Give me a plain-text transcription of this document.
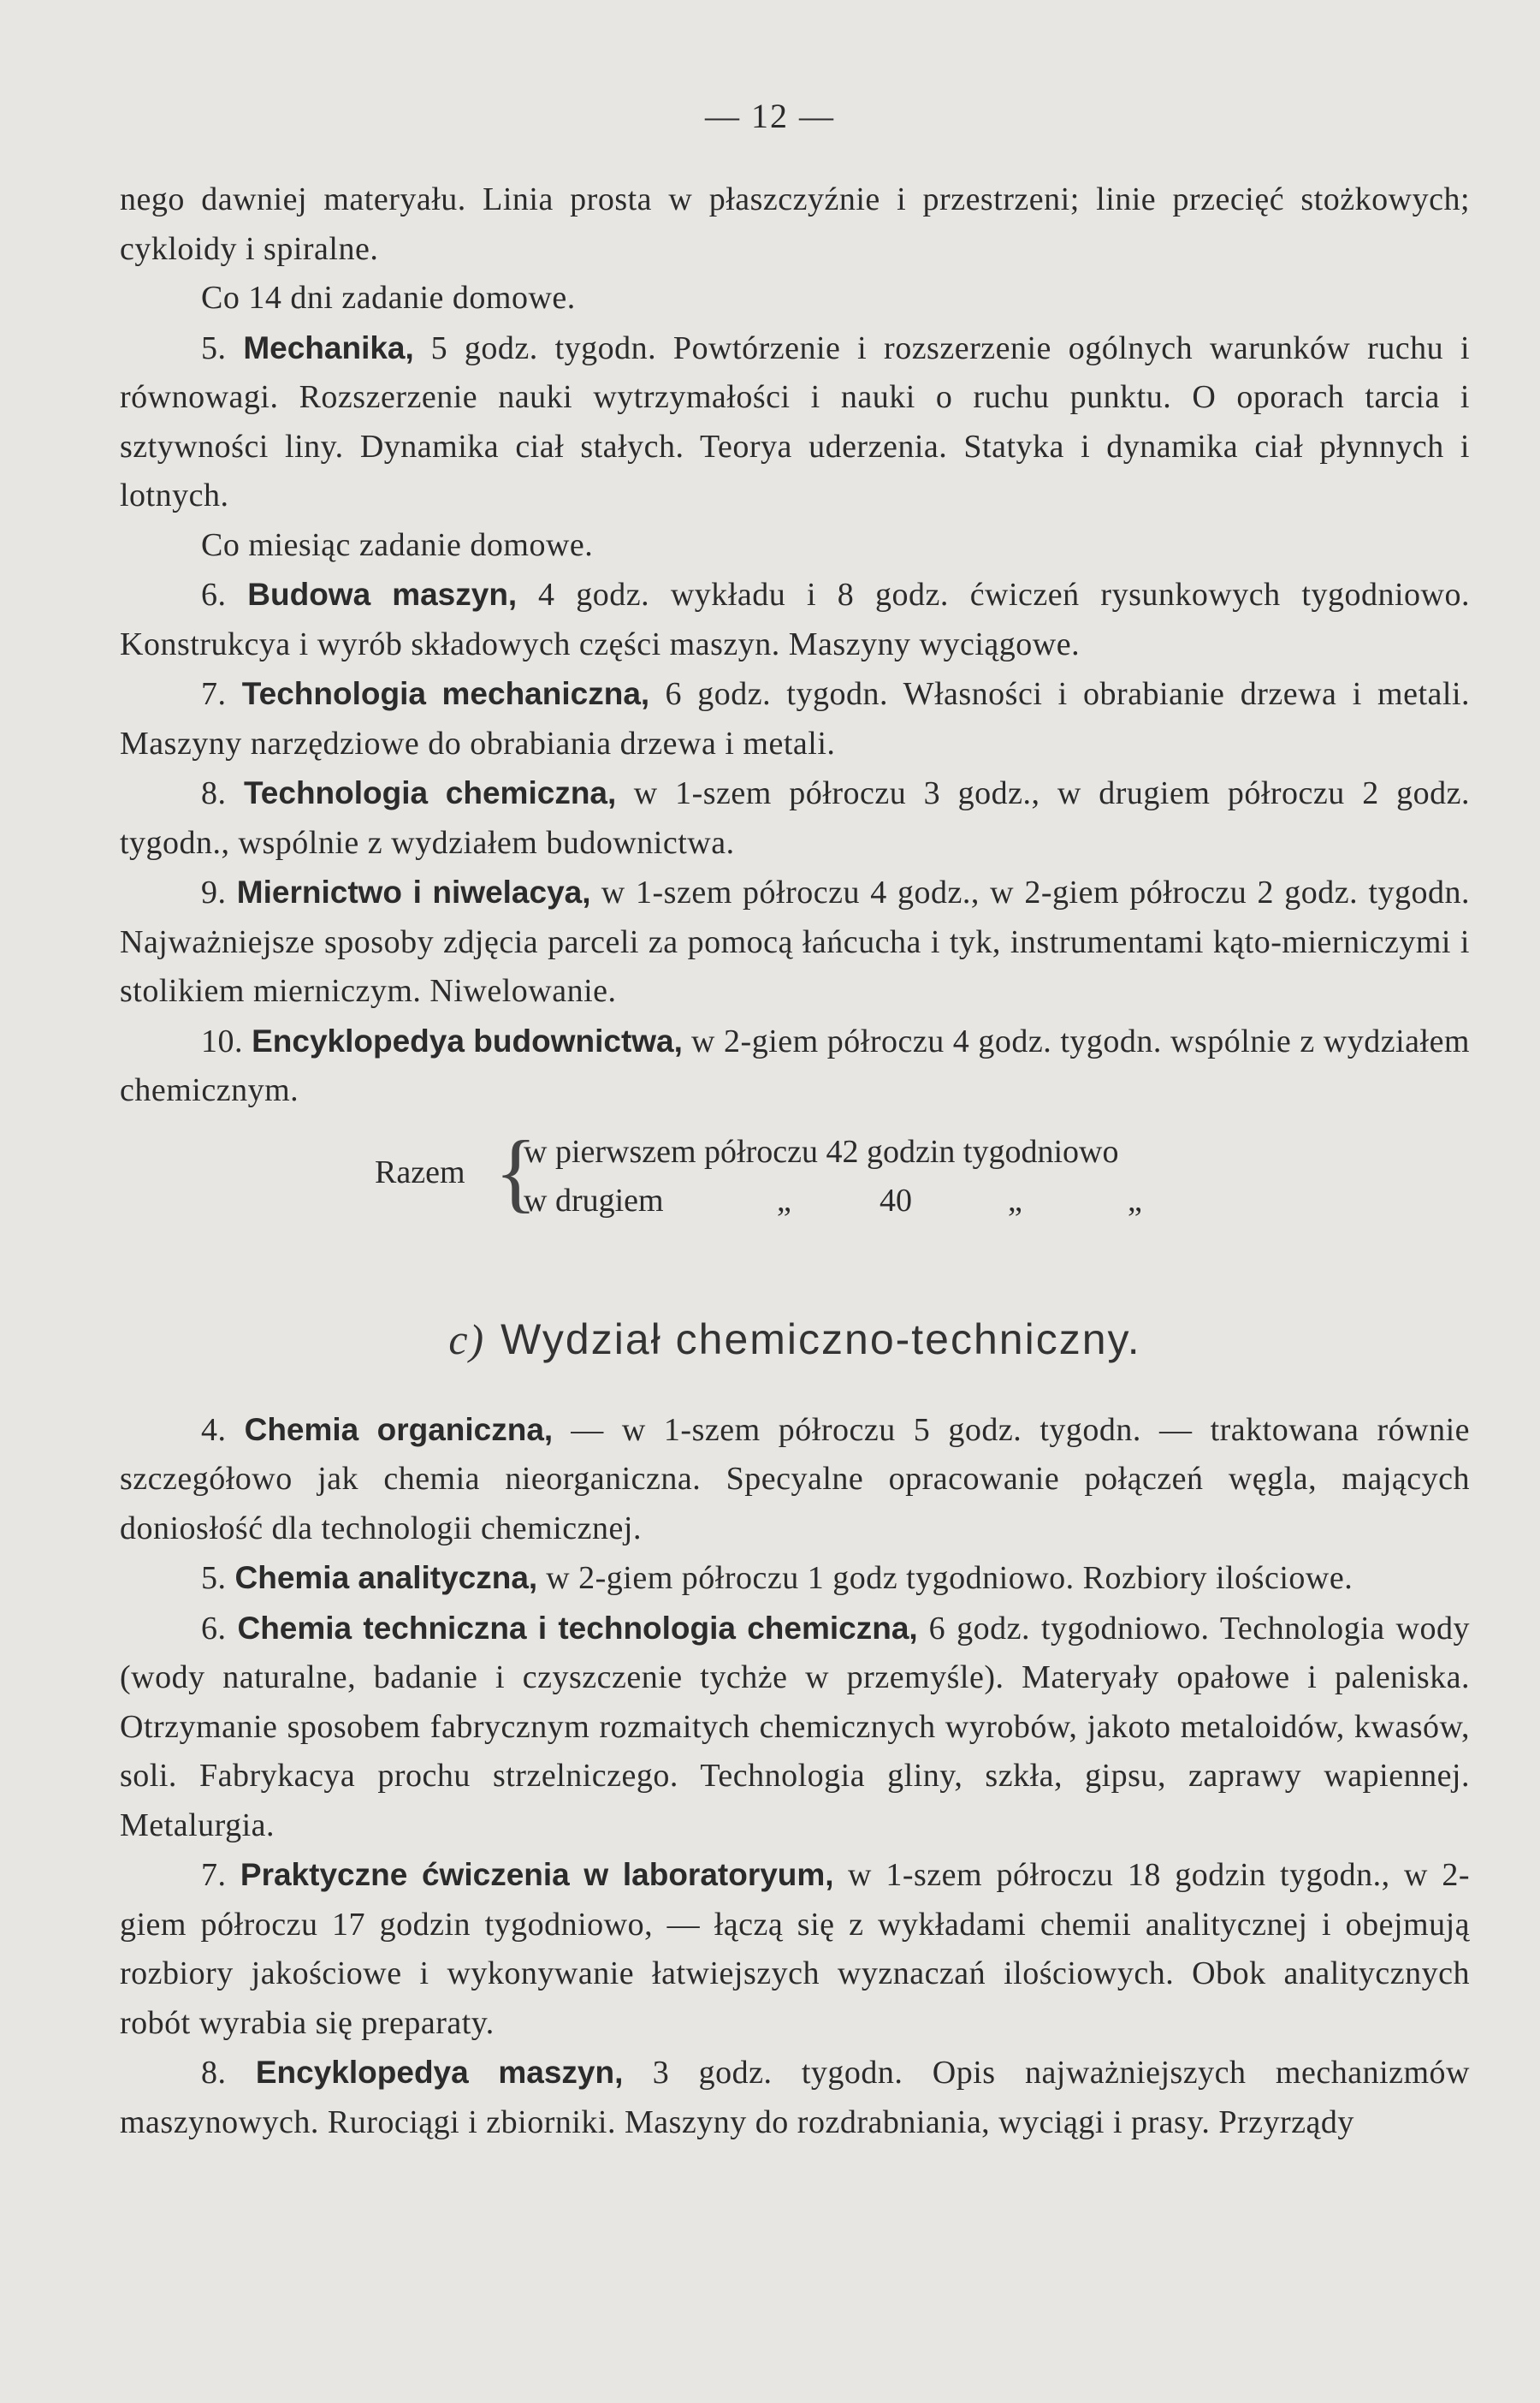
— 12 —

nego dawniej materyału. Linia prosta w płaszczyźnie i przestrzeni; linie przecięć stożkowych; cykloidy i spiralne.

Co 14 dni zadanie domowe.

5. Mechanika, 5 godz. tygodn. Powtórzenie i rozszerzenie ogólnych warunków ruchu i równowagi. Rozszerzenie nauki wytrzymałości i nauki o ruchu punktu. O oporach tarcia i sztywności liny. Dynamika ciał stałych. Teorya uderzenia. Statyka i dynamika ciał płynnych i lotnych.

Co miesiąc zadanie domowe.

6. Budowa maszyn, 4 godz. wykładu i 8 godz. ćwiczeń rysunkowych tygodniowo. Konstrukcya i wyrób składowych części maszyn. Maszyny wyciągowe.

7. Technologia mechaniczna, 6 godz. tygodn. Własności i obrabianie drzewa i metali. Maszyny narzędziowe do obrabiania drzewa i metali.

8. Technologia chemiczna, w 1-szem półroczu 3 godz., w drugiem półroczu 2 godz. tygodn., wspólnie z wydziałem budownictwa.

9. Miernictwo i niwelacya, w 1-szem półroczu 4 godz., w 2-giem półroczu 2 godz. tygodn. Najważniejsze sposoby zdjęcia parceli za pomocą łańcucha i tyk, instrumentami kąto-mierniczymi i stolikiem mierniczym. Niwelowanie.

10. Encyklopedya budownictwa, w 2-giem półroczu 4 godz. tygodn. wspólnie z wydziałem chemicznym.

Razem {
w pierwszem półroczu 42 godzin tygodniowo
w drugiem	„	40	„	„
c) Wydział chemiczno-techniczny.

4. Chemia organiczna, — w 1-szem półroczu 5 godz. tygodn. — traktowana równie szczegółowo jak chemia nieorganiczna. Specyalne opracowanie połączeń węgla, mających doniosłość dla technologii chemicznej.

5. Chemia analityczna, w 2-giem półroczu 1 godz tygodniowo. Rozbiory ilościowe.

6. Chemia techniczna i technologia chemiczna, 6 godz. tygodniowo. Technologia wody (wody naturalne, badanie i czyszczenie tychże w przemyśle). Materyały opałowe i paleniska. Otrzymanie sposobem fabrycznym rozmaitych chemicznych wyrobów, jakoto metaloidów, kwasów, soli. Fabrykacya prochu strzelniczego. Technologia gliny, szkła, gipsu, zaprawy wapiennej. Metalurgia.

7. Praktyczne ćwiczenia w laboratoryum, w 1-szem półroczu 18 godzin tygodn., w 2-giem półroczu 17 godzin tygodniowo, — łączą się z wykładami chemii analitycznej i obejmują rozbiory jakościowe i wykonywanie łatwiejszych wyznaczań ilościowych. Obok analitycznych robót wyrabia się preparaty.

8. Encyklopedya maszyn, 3 godz. tygodn. Opis najważniejszych mechanizmów maszynowych. Rurociągi i zbiorniki. Maszyny do rozdrabniania, wyciągi i prasy. Przyrządy
